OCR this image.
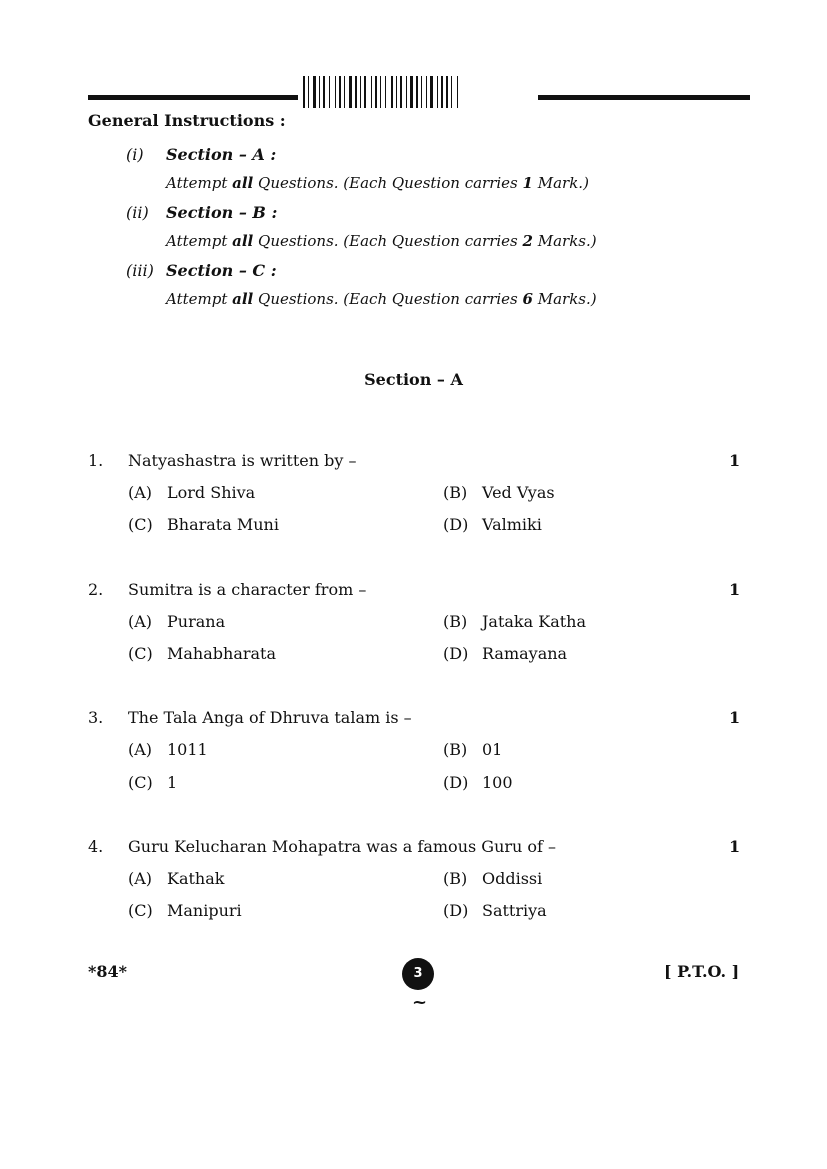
General Instructions :
(i) Section – A :
Attempt all Questions. (Each Question carries 1 Mark.)
(ii) Section – B :
Attempt all Questions. (Each Question carries 2 Marks.)
(iii) Section – C :
Attempt all Questions. (Each Question carries 6 Marks.)
Section – A
1. Natyashastra is written by –	1
(A) Lord Shiva	(B) Ved Vyas
(C) Bharata Muni	(D) Valmiki
2. Sumitra is a character from –	1
(A) Purana	(B) Jataka Katha
(C) Mahabharata	(D) Ramayana
3. The Tala Anga of Dhruva talam is –	1
(A) 1011	(B) 01
(C) 1	(D) 100
4. Guru Kelucharan Mohapatra was a famous Guru of –	1
(A) Kathak	(B) Oddissi
(C) Manipuri	(D) Sattriya
*84*	3
~
[ P.T.O. ]
